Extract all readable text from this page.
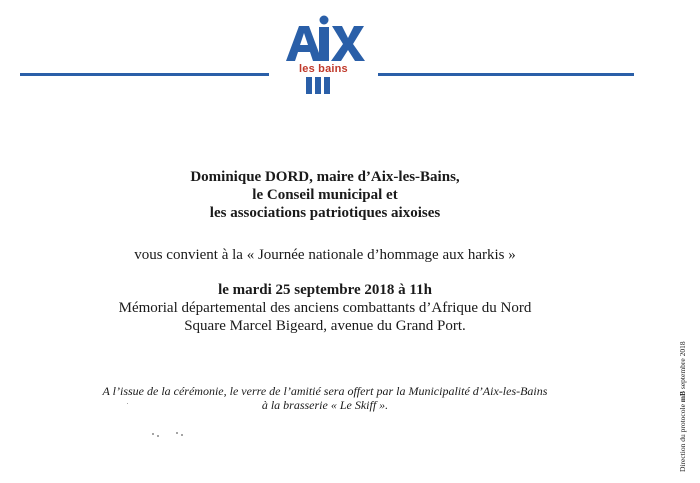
les bains
Dominique DORD, maire d’Aix-les-Bains,
le Conseil municipal et
les associations patriotiques aixoises
vous convient à la « Journée nationale d’hommage aux harkis »
le mardi 25 septembre 2018 à 11h
Mémorial départemental des anciens combattants d’Afrique du Nord
Square Marcel Bigeard, avenue du Grand Port.
A l’issue de la cérémonie, le verre de l’amitié sera offert par la Municipalité d’Aix-les-Bains
à la brasserie « Le Skiff ».	Direction du protocole mB septembre 2018
